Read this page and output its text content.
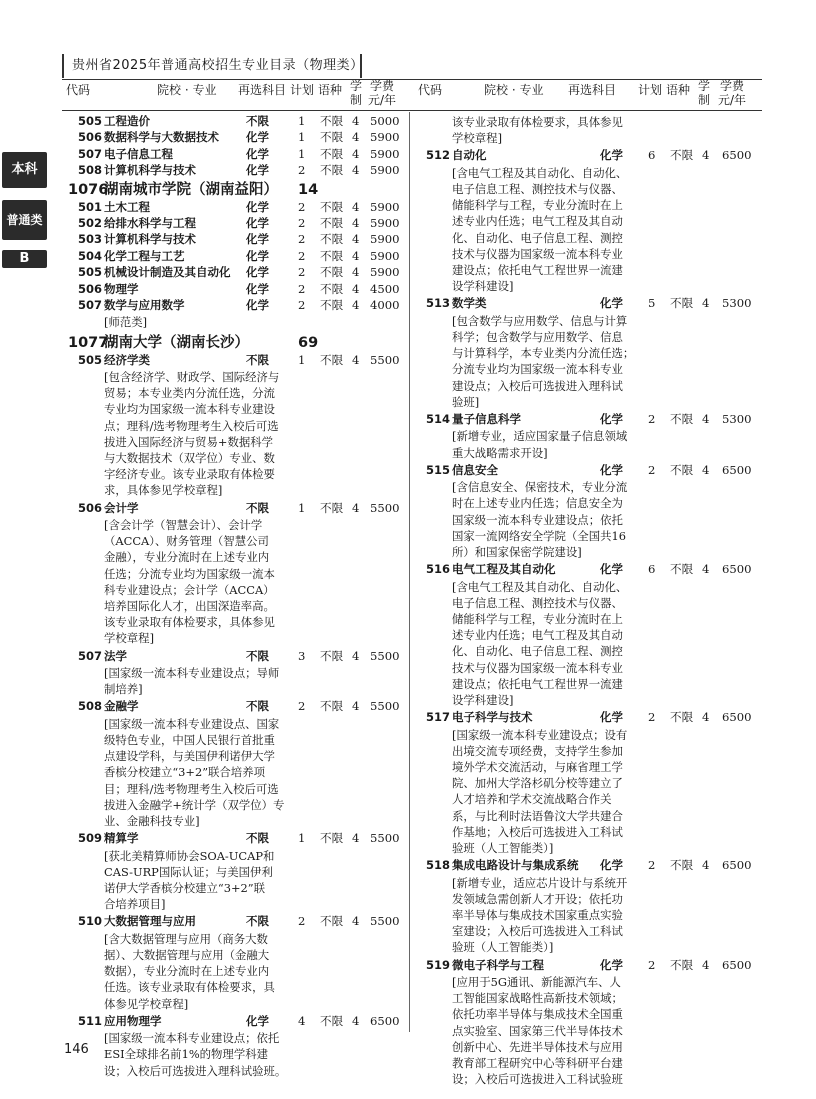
贵州省2025年普通高校招生专业目录（物理类）
本科
普通类
B
代码	院校 · 专业 再选科目 计划 语种 学
制
学费
元/年
代码	院校 · 专业 再选科目 计划 语种 学
制
学费
元/年
505 工程造价	不限	1 不限 4 5000
506 数据科学与大数据技术 化学	1 不限 4 5900
507 电子信息工程	化学	1 不限 4 5900
508 计算机科学与技术	化学	2 不限 4 5900
1076
湖南城市学院（湖南益阳） 14
501 土木工程	化学	2 不限 4 5900
502 给排水科学与工程	化学	2 不限 4 5900
503 计算机科学与技术	化学	2 不限 4 5900
504 化学工程与工艺	化学	2 不限 4 5900
505 机械设计制造及其自动化 化学	2 不限 4 5900
506 物理学	化学	2 不限 4 4500
507 数学与应用数学	化学	2 不限 4 4000
[师范类]
1077
湖南大学（湖南长沙）	69
505 经济学类	不限	1 不限 4 5500
[包含经济学、财政学、国际经济与
贸易；本专业类内分流任选，分流
专业均为国家级一流本科专业建设
点；理科/选考物理考生入校后可选
拔进入国际经济与贸易+数据科学
与大数据技术（双学位）专业、数
字经济专业。该专业录取有体检要
求，具体参见学校章程]
506 会计学	不限	1 不限 4 5500
[含会计学（智慧会计）、会计学
（ACCA）、财务管理（智慧公司
金融），专业分流时在上述专业内
任选；分流专业均为国家级一流本
科专业建设点；会计学（ACCA）
培养国际化人才，出国深造率高。
该专业录取有体检要求，具体参见
学校章程]
507 法学	不限	3 不限 4 5500
[国家级一流本科专业建设点；导师
制培养]
508 金融学	不限	2 不限 4 5500
[国家级一流本科专业建设点、国家
级特色专业，中国人民银行首批重
点建设学科，与美国伊利诺伊大学
香槟分校建立“3+2”联合培养项
目；理科/选考物理考生入校后可选
拔进入金融学+统计学（双学位）专
业、金融科技专业]
509 精算学	不限	1 不限 4 5500
[获北美精算师协会SOA-UCAP和
CAS-URP国际认证；与美国伊利
诺伊大学香槟分校建立“3+2”联
合培养项目]
510 大数据管理与应用	不限	2 不限 4 5500
[含大数据管理与应用（商务大数
据）、大数据管理与应用（金融大
数据），专业分流时在上述专业内
任选。该专业录取有体检要求，具
体参见学校章程]
511 应用物理学	化学	4 不限 4 6500
[国家级一流本科专业建设点；依托
ESI全球排名前1%的物理学科建
设；入校后可选拔进入理科试验班。
该专业录取有体检要求，具体参见
学校章程]
512 自动化	化学 6 不限 4 6500
[含电气工程及其自动化、自动化、
电子信息工程、测控技术与仪器、
储能科学与工程，专业分流时在上
述专业内任选；电气工程及其自动
化、自动化、电子信息工程、测控
技术与仪器为国家级一流本科专业
建设点；依托电气工程世界一流建
设学科建设]
513 数学类	化学 5 不限 4 5300
[包含数学与应用数学、信息与计算
科学；包含数学与应用数学、信息
与计算科学，本专业类内分流任选；
分流专业均为国家级一流本科专业
建设点；入校后可选拔进入理科试
验班]
514 量子信息科学	化学 2 不限 4 5300
[新增专业，适应国家量子信息领域
重大战略需求开设]
515 信息安全	化学 2 不限 4 6500
[含信息安全、保密技术，专业分流
时在上述专业内任选；信息安全为
国家级一流本科专业建设点；依托
国家一流网络安全学院（全国共16
所）和国家保密学院建设]
516 电气工程及其自动化	化学 6 不限 4 6500
[含电气工程及其自动化、自动化、
电子信息工程、测控技术与仪器、
储能科学与工程，专业分流时在上
述专业内任选；电气工程及其自动
化、自动化、电子信息工程、测控
技术与仪器为国家级一流本科专业
建设点；依托电气工程世界一流建
设学科建设]
517 电子科学与技术	化学 2 不限 4 6500
[国家级一流本科专业建设点；设有
出境交流专项经费，支持学生参加
境外学术交流活动，与麻省理工学
院、加州大学洛杉矶分校等建立了
人才培养和学术交流战略合作关
系，与比利时法语鲁汶大学共建合
作基地；入校后可选拔进入工科试
验班（人工智能类）]
518 集成电路设计与集成系统 化学 2 不限 4 6500
[新增专业，适应芯片设计与系统开
发领域急需创新人才开设；依托功
率半导体与集成技术国家重点实验
室建设；入校后可选拔进入工科试
验班（人工智能类）]
519 微电子科学与工程	化学 2 不限 4 6500
[应用于5G通讯、新能源汽车、人
工智能国家战略性高新技术领域；
依托功率半导体与集成技术全国重
点实验室、国家第三代半导体技术
创新中心、先进半导体技术与应用
教育部工程研究中心等科研平台建
设；入校后可选拔进入工科试验班
146
